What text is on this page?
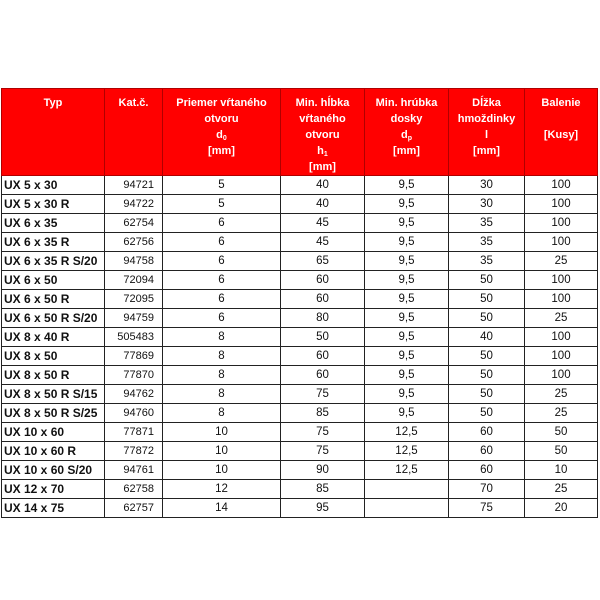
Typ	Kat.č.	Priemer vŕtaného
otvoru
$d_0$
[mm]	Min. hĺbka
vŕtaného otvoru
$h_1$
[mm]	Min. hrúbka
dosky
$d_p$
[mm]	Dĺžka
hmoždinky
l
[mm]	Balenie

[Kusy]

UX 5 x 30	94721	5	40	9,5	30	100
UX 5 x 30 R	94722	5	40	9,5	30	100
UX 6 x 35	62754	6	45	9,5	35	100
UX 6 x 35 R	62756	6	45	9,5	35	100
UX 6 x 35 R S/20	94758	6	65	9,5	35	25
UX 6 x 50	72094	6	60	9,5	50	100
UX 6 x 50 R	72095	6	60	9,5	50	100
UX 6 x 50 R S/20	94759	6	80	9,5	50	25
UX 8 x 40 R	505483	8	50	9,5	40	100
UX 8 x 50	77869	8	60	9,5	50	100
UX 8 x 50 R	77870	8	60	9,5	50	100
UX 8 x 50 R S/15	94762	8	75	9,5	50	25
UX 8 x 50 R S/25	94760	8	85	9,5	50	25
UX 10 x 60	77871	10	75	12,5	60	50
UX 10 x 60 R	77872	10	75	12,5	60	50
UX 10 x 60 S/20	94761	10	90	12,5	60	10
UX 12 x 70	62758	12	85		70	25
UX 14 x 75	62757	14	95		75	20
